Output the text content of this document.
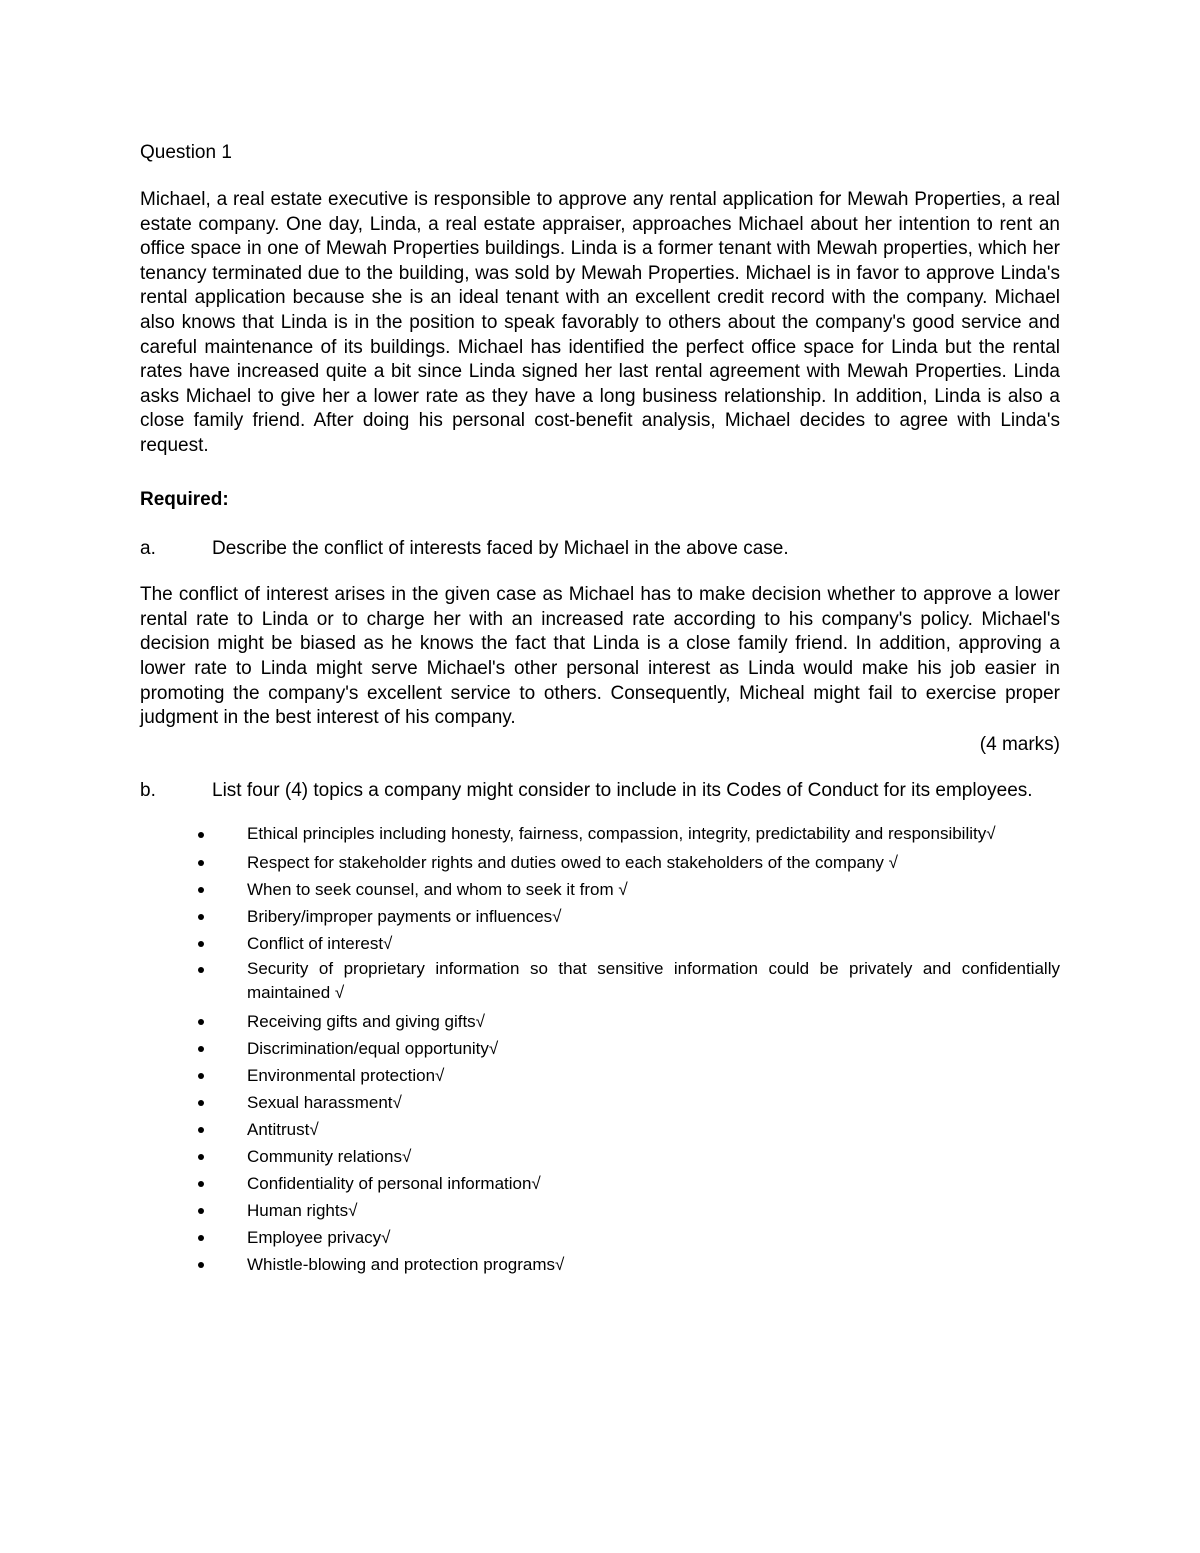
Question 1

Michael, a real estate executive is responsible to approve any rental application for Mewah Properties, a real estate company. One day, Linda, a real estate appraiser, approaches Michael about her intention to rent an office space in one of Mewah Properties buildings. Linda is a former tenant with Mewah properties, which her tenancy terminated due to the building, was sold by Mewah Properties. Michael is in favor to approve Linda's rental application because she is an ideal tenant with an excellent credit record with the company. Michael also knows that Linda is in the position to speak favorably to others about the company's good service and careful maintenance of its buildings. Michael has identified the perfect office space for Linda but the rental rates have increased quite a bit since Linda signed her last rental agreement with Mewah Properties. Linda asks Michael to give her a lower rate as they have a long business relationship. In addition, Linda is also a close family friend. After doing his personal cost-benefit analysis, Michael decides to agree with Linda's request.

Required:

a.	Describe the conflict of interests faced by Michael in the above case.

The conflict of interest arises in the given case as Michael has to make decision whether to approve a lower rental rate to Linda or to charge her with an increased rate according to his company's policy. Michael's decision might be biased as he knows the fact that Linda is a close family friend. In addition, approving a lower rate to Linda might serve Michael's other personal interest as Linda would make his job easier in promoting the company's excellent service to others. Consequently, Micheal might fail to exercise proper judgment in the best interest of his company.

(4 marks)
b.	List four (4) topics a company might consider to include in its Codes of Conduct for its employees.
Ethical principles including honesty, fairness, compassion, integrity, predictability and responsibility√
Respect for stakeholder rights and duties owed to each stakeholders of the company √
When to seek counsel, and whom to seek it from √
Bribery/improper payments or influences√
Conflict of interest√
Security of proprietary information so that sensitive information could be privately and confidentially maintained √
Receiving gifts and giving gifts√
Discrimination/equal opportunity√
Environmental protection√
Sexual harassment√
Antitrust√
Community relations√
Confidentiality of personal information√
Human rights√
Employee privacy√
Whistle-blowing and protection programs√
